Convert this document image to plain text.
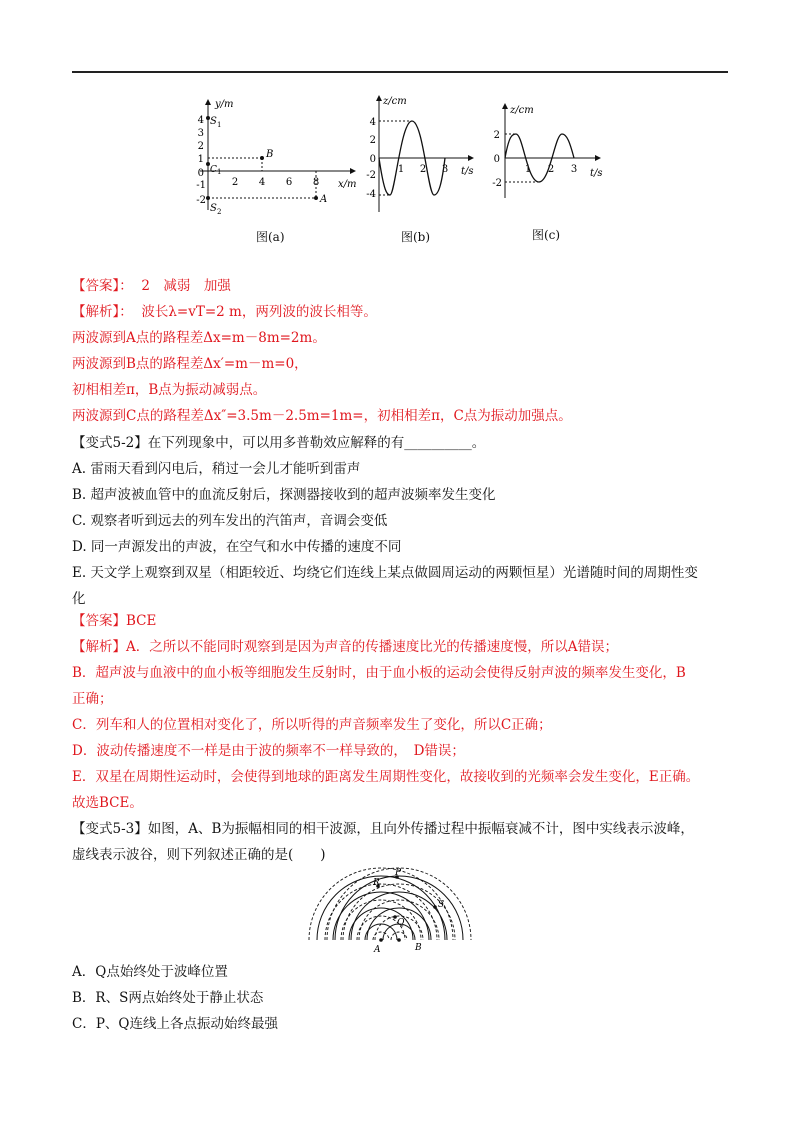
y/m
x/m
4
3
2
1
0
-1
-2
2 4 6 8
S 1
B
C 1
S 2
A
图(a)
z/cm
t/s
4
2
0
-2
-4
1 2 3
图(b)
z/cm
t/s
2
0
-2
1 2 3
图(c)
【答案】： 2　减弱　加强
【解析】： 波长λ=vT=2 m，两列波的波长相等。
两波源到A点的路程差Δx=m－8m=2m。
两波源到B点的路程差Δx′=m－m=0，
初相相差π，B点为振动减弱点。
两波源到C点的路程差Δx″=3.5m－2.5m=1m=，初相相差π，C点为振动加强点。
【变式5-2】在下列现象中，可以用多普勒效应解释的有__________。
A. 雷雨天看到闪电后，稍过一会儿才能听到雷声
B. 超声波被血管中的血流反射后，探测器接收到的超声波频率发生变化
C. 观察者听到远去的列车发出的汽笛声，音调会变低
D. 同一声源发出的声波，在空气和水中传播的速度不同
E. 天文学上观察到双星（相距较近、均绕它们连线上某点做圆周运动的两颗恒星）光谱随时间的周期性变
化
【答案】BCE
【解析】A．之所以不能同时观察到是因为声音的传播速度比光的传播速度慢，所以A错误；
B．超声波与血液中的血小板等细胞发生反射时，由于血小板的运动会使得反射声波的频率发生变化，B
正确；
C．列车和人的位置相对变化了，所以听得的声音频率发生了变化，所以C正确；
D．波动传播速度不一样是由于波的频率不一样导致的，　D错误；
E．双星在周期性运动时，会使得到地球的距离发生周期性变化，故接收到的光频率会发生变化，E正确。
故选BCE。
【变式5-3】如图，A、B为振幅相同的相干波源，且向外传播过程中振幅衰减不计，图中实线表示波峰，
虚线表示波谷，则下列叙述正确的是(　　)
P
R
S
Q
A	B
A．Q点始终处于波峰位置
B．R、S两点始终处于静止状态
C．P、Q连线上各点振动始终最强
